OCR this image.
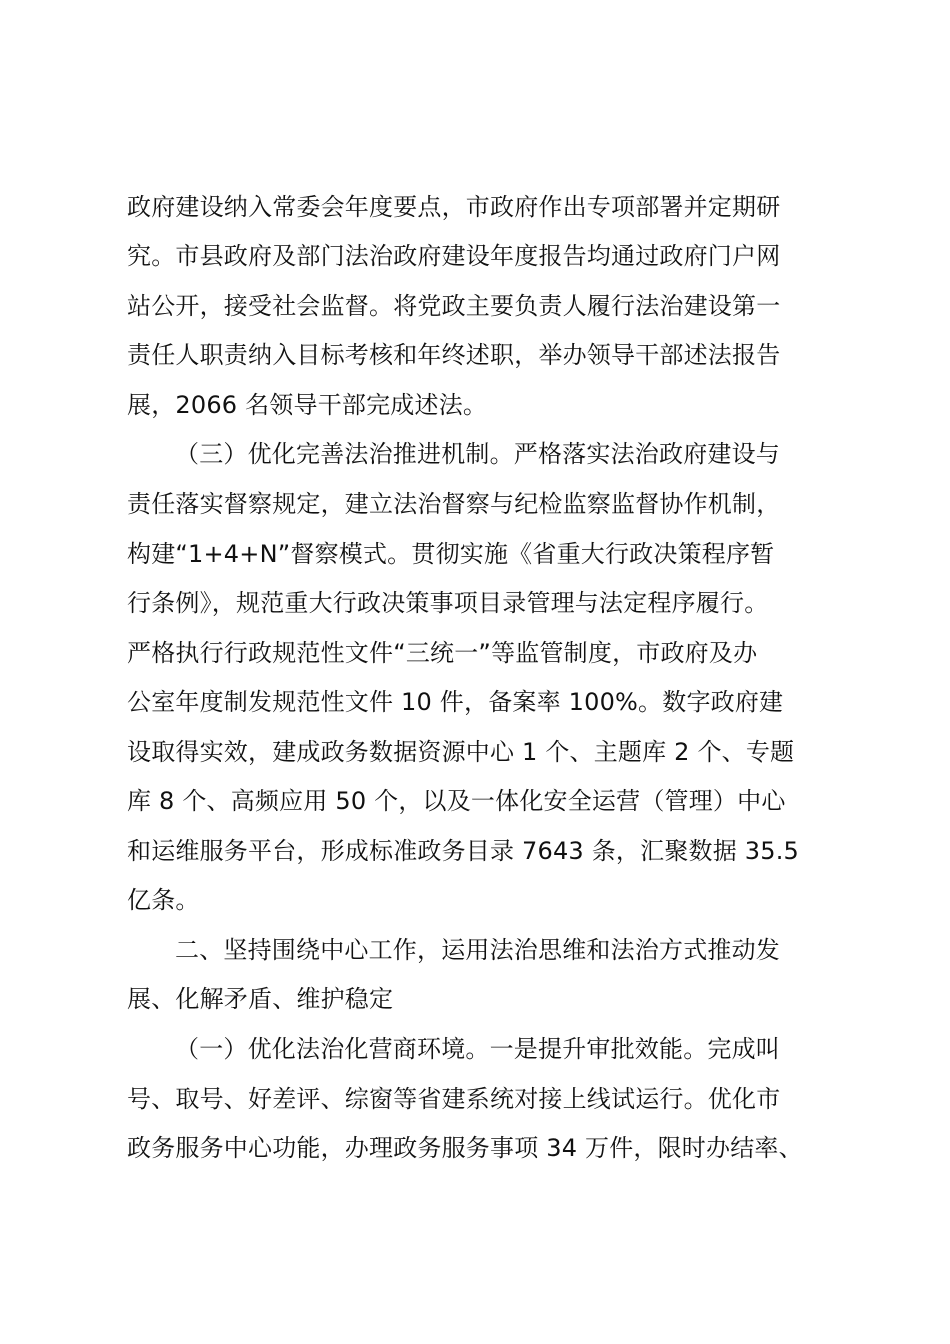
政府建设纳入常委会年度要点，市政府作出专项部署并定期研
究。市县政府及部门法治政府建设年度报告均通过政府门户网
站公开，接受社会监督。将党政主要负责人履行法治建设第一
责任人职责纳入目标考核和年终述职，举办领导干部述法报告
展，2066 名领导干部完成述法。
（三）优化完善法治推进机制。严格落实法治政府建设与
责任落实督察规定，建立法治督察与纪检监察监督协作机制，
构建“1+4+N”督察模式。贯彻实施《省重大行政决策程序暂
行条例》，规范重大行政决策事项目录管理与法定程序履行。
严格执行行政规范性文件“三统一”等监管制度，市政府及办
公室年度制发规范性文件 10 件，备案率 100%。数字政府建
设取得实效，建成政务数据资源中心 1 个、主题库 2 个、专题
库 8 个、高频应用 50 个，以及一体化安全运营（管理）中心
和运维服务平台，形成标准政务目录 7643 条，汇聚数据 35.5
亿条。
二、坚持围绕中心工作，运用法治思维和法治方式推动发
展、化解矛盾、维护稳定
（一）优化法治化营商环境。一是提升审批效能。完成叫
号、取号、好差评、综窗等省建系统对接上线试运行。优化市
政务服务中心功能，办理政务服务事项 34 万件，限时办结率、
